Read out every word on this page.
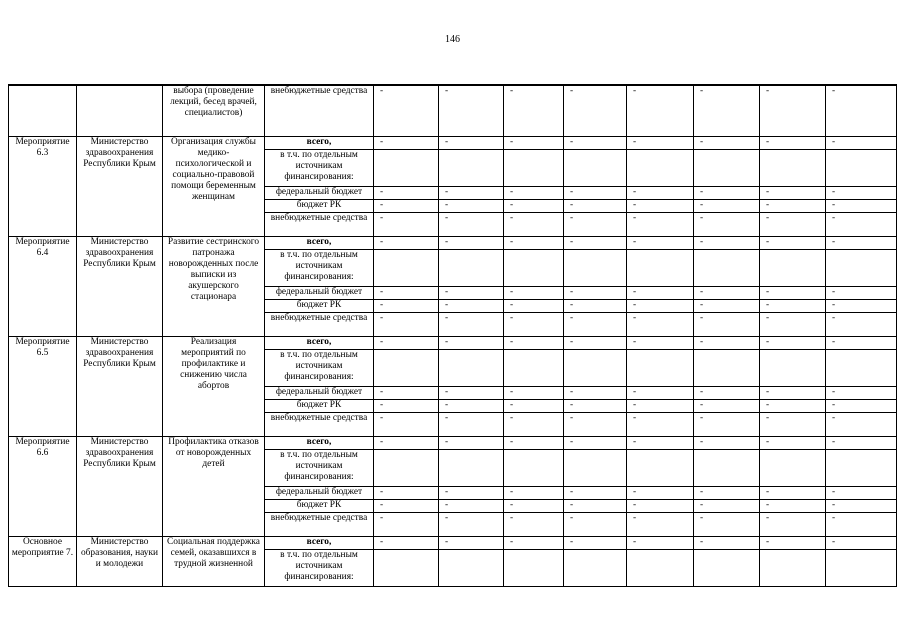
146
		выбора (проведение лекций, бесед врачей, специалистов)	внебюджетные средства	-	-	-	-	-	-	-	-
Мероприятие 6.3	Министерство здравоохранения Республики Крым	Организация службы медико-психологической и социально-правовой помощи беременным женщинам	всего,	-	-	-	-	-	-	-	-
			в т.ч. по отдельным источникам финансирования:								
			федеральный бюджет	-	-	-	-	-	-	-	-
			бюджет РК	-	-	-	-	-	-	-	-
			внебюджетные средства	-	-	-	-	-	-	-	-
Мероприятие 6.4	Министерство здравоохранения Республики Крым	Развитие сестринского патронажа новорожденных после выписки из акушерского стационара	всего,	-	-	-	-	-	-	-	-
			в т.ч. по отдельным источникам финансирования:								
			федеральный бюджет	-	-	-	-	-	-	-	-
			бюджет РК	-	-	-	-	-	-	-	-
			внебюджетные средства	-	-	-	-	-	-	-	-
Мероприятие 6.5	Министерство здравоохранения Республики Крым	Реализация мероприятий по профилактике и снижению числа абортов	всего,	-	-	-	-	-	-	-	-
			в т.ч. по отдельным источникам финансирования:								
			федеральный бюджет	-	-	-	-	-	-	-	-
			бюджет РК	-	-	-	-	-	-	-	-
			внебюджетные средства	-	-	-	-	-	-	-	-
Мероприятие 6.6	Министерство здравоохранения Республики Крым	Профилактика отказов от новорожденных детей	всего,	-	-	-	-	-	-	-	-
			в т.ч. по отдельным источникам финансирования:								
			федеральный бюджет	-	-	-	-	-	-	-	-
			бюджет РК	-	-	-	-	-	-	-	-
			внебюджетные средства	-	-	-	-	-	-	-	-
Основное мероприятие 7.	Министерство образования, науки и молодежи	Социальная поддержка семей, оказавшихся в трудной жизненной	всего,	-	-	-	-	-	-	-	-
			в т.ч. по отдельным источникам финансирования:								
